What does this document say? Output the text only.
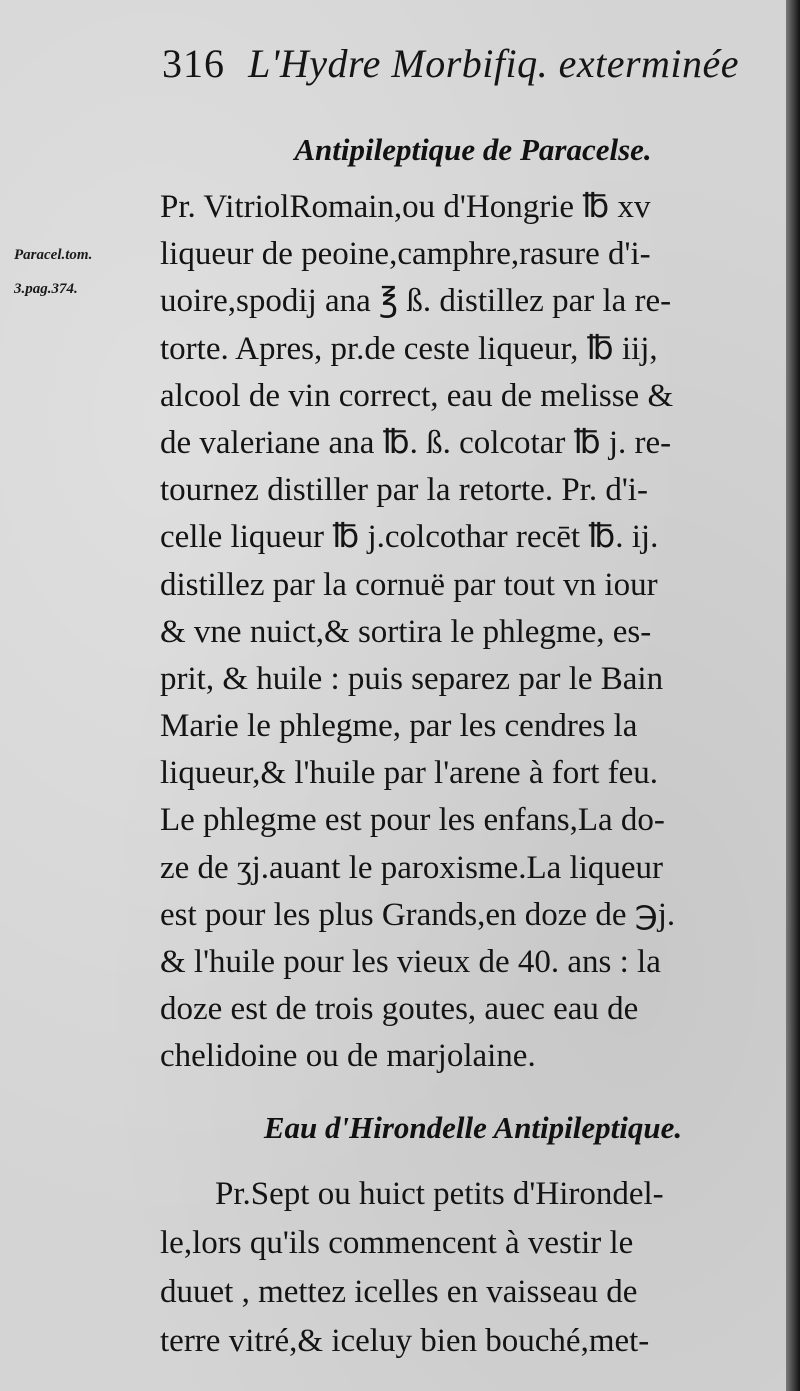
316 L'Hydre Morbifiq. exterminée
Antipileptique de Paracelse.
Paracel.tom.
3.pag.374.
Pr. VitriolRomain,ou d'Hongrie ℔ xv
liqueur de peoine,camphre,rasure d'i-
uoire,spodij ana ℥ ß. distillez par la re-
torte. Apres, pr.de ceste liqueur, ℔ iij,
alcool de vin correct, eau de melisse &
de valeriane ana ℔. ß. colcotar ℔ j. re-
tournez distiller par la retorte. Pr. d'i-
celle liqueur ℔ j.colcothar recēt ℔. ij.
distillez par la cornuë par tout vn iour
& vne nuict,& sortira le phlegme, es-
prit, & huile : puis separez par le Bain
Marie le phlegme, par les cendres la
liqueur,& l'huile par l'arene à fort feu.
Le phlegme est pour les enfans,La do-
ze de ʒj.auant le paroxisme.La liqueur
est pour les plus Grands,en doze de ℈j.
& l'huile pour les vieux de 40. ans : la
doze est de trois goutes, auec eau de
chelidoine ou de marjolaine.
Eau d'Hirondelle Antipileptique.
Pr.Sept ou huict petits d'Hirondel-
le,lors qu'ils commencent à vestir le
duuet , mettez icelles en vaisseau de
terre vitré,& iceluy bien bouché,met-
